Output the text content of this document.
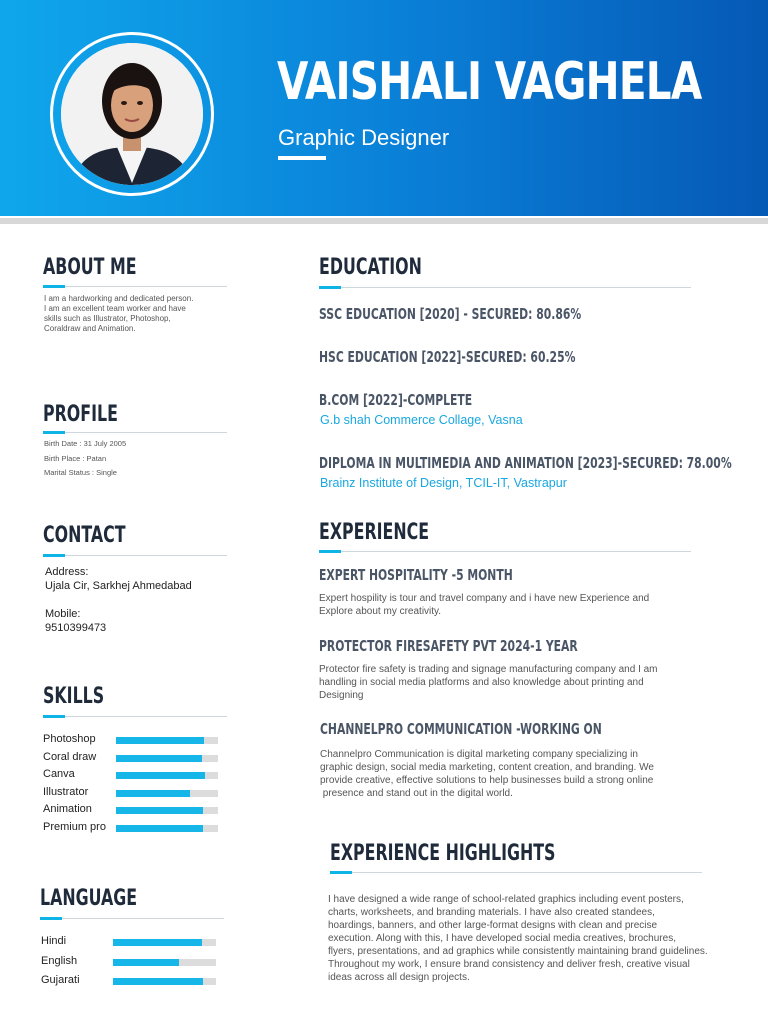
VAISHALI VAGHELA
Graphic Designer
ABOUT ME
I am a hardworking and dedicated person.
I am an excellent team worker and have
skills such as Illustrator, Photoshop,
Coraldraw and Animation.
PROFILE
Birth Date : 31 July 2005
Birth Place : Patan
Marital Status : Single
CONTACT
Address:
Ujala Cir, Sarkhej Ahmedabad
Mobile:
9510399473
SKILLS
Photoshop
Coral draw
Canva
Illustrator
Animation
Premium pro
LANGUAGE
Hindi
English
Gujarati
EDUCATION
SSC EDUCATION [2020] - SECURED: 80.86%
HSC EDUCATION [2022]-SECURED: 60.25%
B.COM [2022]-COMPLETE
G.b shah Commerce Collage, Vasna
DIPLOMA IN MULTIMEDIA AND ANIMATION [2023]-SECURED: 78.00%
Brainz Institute of Design, TCIL-IT, Vastrapur
EXPERIENCE
EXPERT HOSPITALITY -5 MONTH
Expert hospility is tour and travel company and i have new Experience and
Explore about my creativity.
PROTECTOR FIRESAFETY PVT 2024-1 YEAR
Protector fire safety is trading and signage manufacturing company and I am
handling in social media platforms and also knowledge about printing and
Designing
CHANNELPRO COMMUNICATION -WORKING ON
Channelpro Communication is digital marketing company specializing in
graphic design, social media marketing, content creation, and branding. We
provide creative, effective solutions to help businesses build a strong online
presence and stand out in the digital world.
EXPERIENCE HIGHLIGHTS
I have designed a wide range of school-related graphics including event posters,
charts, worksheets, and branding materials. I have also created standees,
hoardings, banners, and other large-format designs with clean and precise
execution. Along with this, I have developed social media creatives, brochures,
flyers, presentations, and ad graphics while consistently maintaining brand guidelines.
Throughout my work, I ensure brand consistency and deliver fresh, creative visual
ideas across all design projects.
